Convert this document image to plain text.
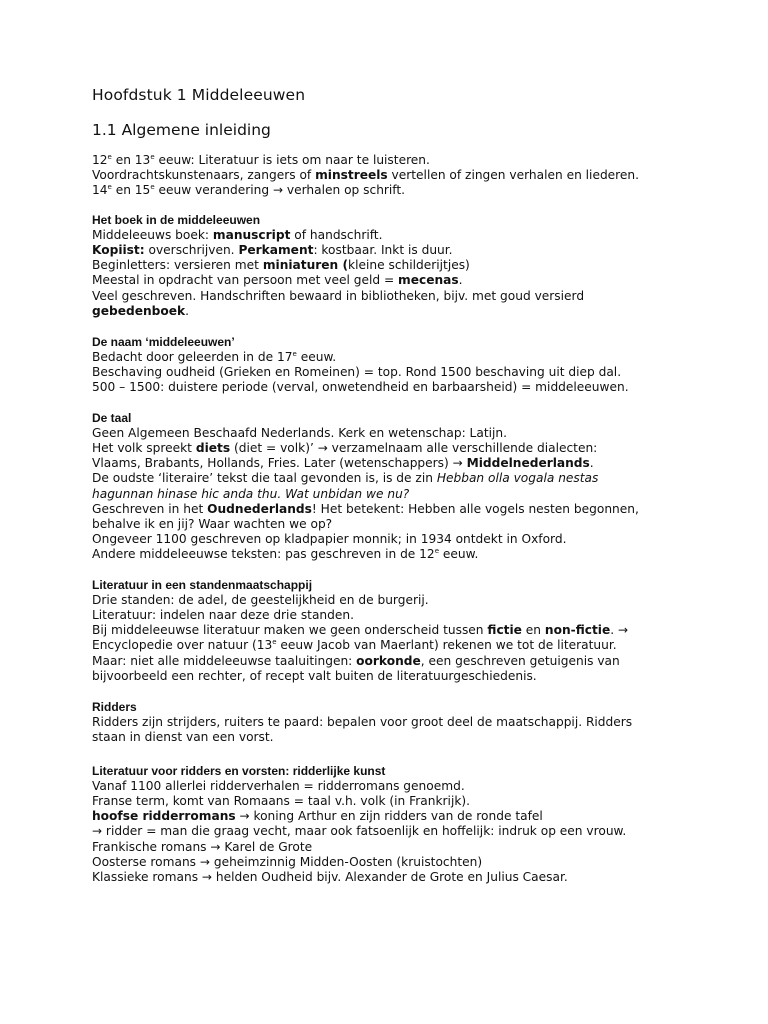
Hoofdstuk 1 Middeleeuwen
1.1 Algemene inleiding
12e en 13e eeuw: Literatuur is iets om naar te luisteren.
Voordrachtskunstenaars, zangers of minstreels vertellen of zingen verhalen en liederen.
14e en 15e eeuw verandering → verhalen op schrift.
Het boek in de middeleeuwen
Middeleeuws boek: manuscript of handschrift.
Kopiist: overschrijven. Perkament: kostbaar. Inkt is duur.
Beginletters: versieren met miniaturen (kleine schilderijtjes)
Meestal in opdracht van persoon met veel geld = mecenas.
Veel geschreven. Handschriften bewaard in bibliotheken, bijv. met goud versierd
gebedenboek.
De naam ‘middeleeuwen’
Bedacht door geleerden in de 17e eeuw.
Beschaving oudheid (Grieken en Romeinen) = top. Rond 1500 beschaving uit diep dal.
500 – 1500: duistere periode (verval, onwetendheid en barbaarsheid) = middeleeuwen.
De taal
Geen Algemeen Beschaafd Nederlands. Kerk en wetenschap: Latijn.
Het volk spreekt diets (diet = volk)’ → verzamelnaam alle verschillende dialecten:
Vlaams, Brabants, Hollands, Fries. Later (wetenschappers) → Middelnederlands.
De oudste ‘literaire’ tekst die taal gevonden is, is de zin Hebban olla vogala nestas
hagunnan hinase hic anda thu. Wat unbidan we nu?
Geschreven in het Oudnederlands! Het betekent: Hebben alle vogels nesten begonnen,
behalve ik en jij? Waar wachten we op?
Ongeveer 1100 geschreven op kladpapier monnik; in 1934 ontdekt in Oxford.
Andere middeleeuwse teksten: pas geschreven in de 12e eeuw.
Literatuur in een standenmaatschappij
Drie standen: de adel, de geestelijkheid en de burgerij.
Literatuur: indelen naar deze drie standen.
Bij middeleeuwse literatuur maken we geen onderscheid tussen fictie en non-fictie. →
Encyclopedie over natuur (13e eeuw Jacob van Maerlant) rekenen we tot de literatuur.
Maar: niet alle middeleeuwse taaluitingen: oorkonde, een geschreven getuigenis van
bijvoorbeeld een rechter, of recept valt buiten de literatuurgeschiedenis.
Ridders
Ridders zijn strijders, ruiters te paard: bepalen voor groot deel de maatschappij. Ridders
staan in dienst van een vorst.
Literatuur voor ridders en vorsten: ridderlijke kunst
Vanaf 1100 allerlei ridderverhalen = ridderromans genoemd.
Franse term, komt van Romaans = taal v.h. volk (in Frankrijk).
hoofse ridderromans → koning Arthur en zijn ridders van de ronde tafel
→ ridder = man die graag vecht, maar ook fatsoenlijk en hoffelijk: indruk op een vrouw.
Frankische romans → Karel de Grote
Oosterse romans → geheimzinnig Midden-Oosten (kruistochten)
Klassieke romans → helden Oudheid bijv. Alexander de Grote en Julius Caesar.
